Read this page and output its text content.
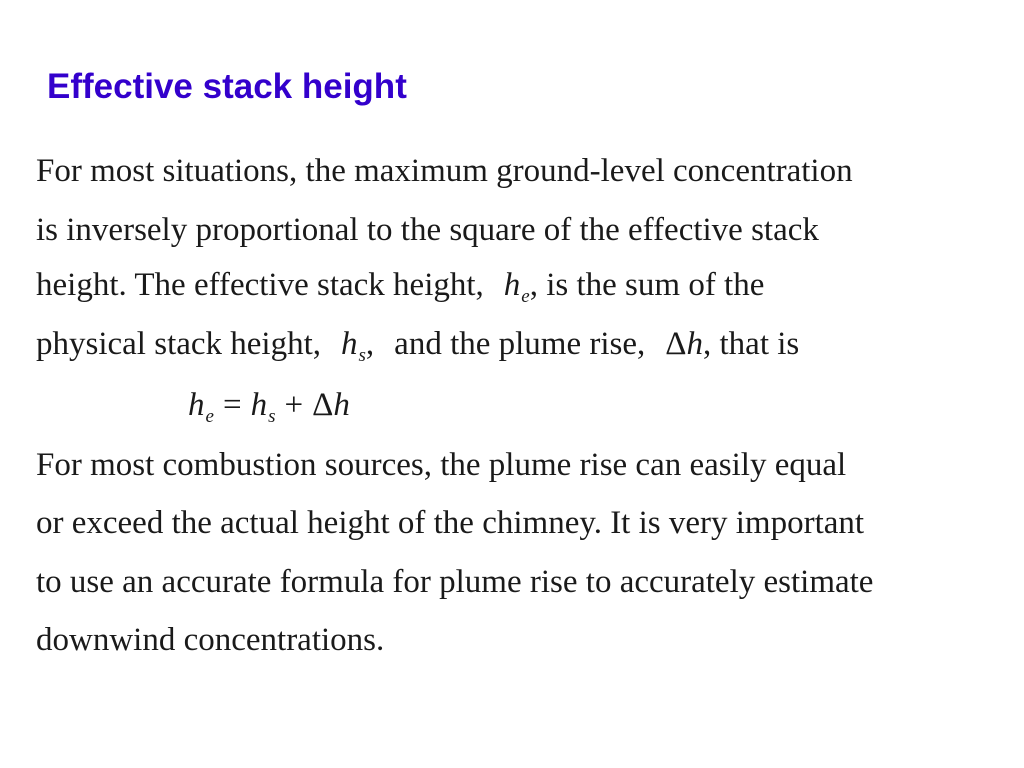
Effective stack height
For most situations, the maximum ground-level concentration
is inversely proportional to the square of the effective stack
height. The effective stack height, $h_e$, is the sum of the
physical stack height, $h_s$, and the plume rise, Δh, that is
$h_e = h_s + \Delta h$
For most combustion sources, the plume rise can easily equal
or exceed the actual height of the chimney. It is very important
to use an accurate formula for plume rise to accurately estimate
downwind concentrations.
